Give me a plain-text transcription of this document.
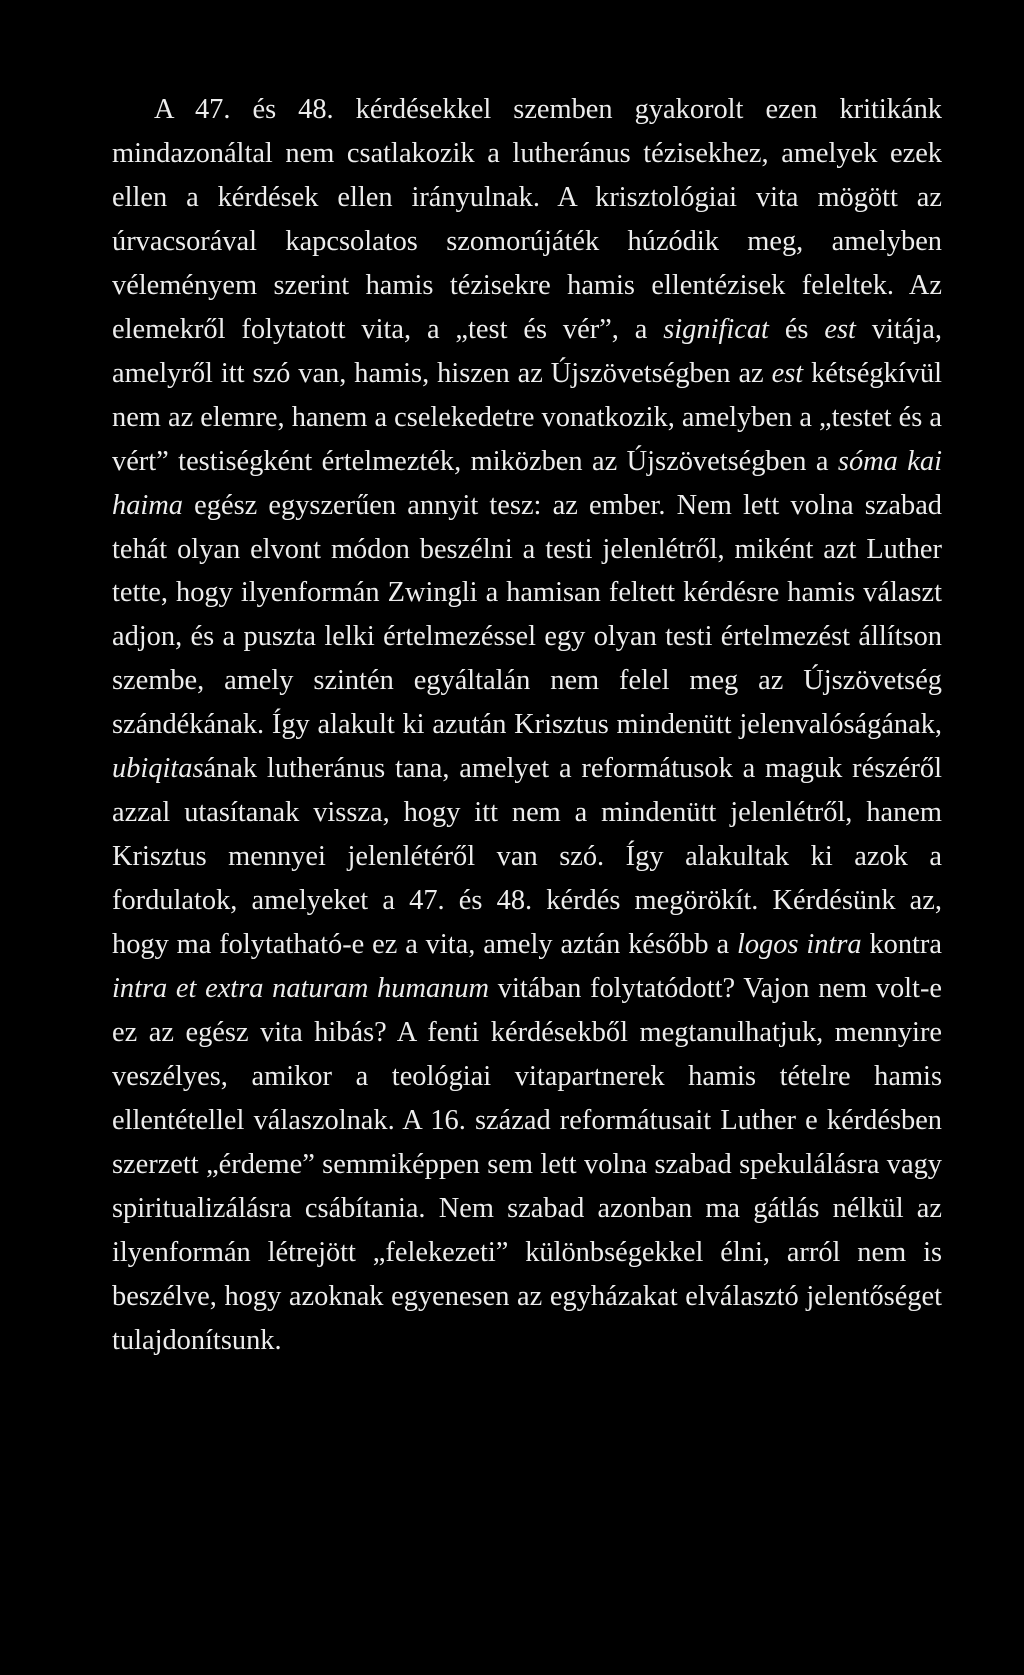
A 47. és 48. kérdésekkel szemben gyakorolt ezen kritikánk mindazonáltal nem csatlakozik a lutheránus tézisekhez, amelyek ezek ellen a kérdések ellen irányulnak. A krisztológiai vita mögött az úrvacsorával kapcsolatos szomorújáték húzódik meg, amelyben véleményem szerint hamis tézisekre hamis ellentézisek feleltek. Az elemekről folytatott vita, a „test és vér”, a significat és est vitája, amelyről itt szó van, hamis, hiszen az Újszövetségben az est kétségkívül nem az elemre, hanem a cselekedetre vonatkozik, amelyben a „testet és a vért” testiségként értelmezték, miközben az Újszövetségben a sóma kai haima egész egyszerűen annyit tesz: az ember. Nem lett volna szabad tehát olyan elvont módon beszélni a testi jelenlétről, miként azt Luther tette, hogy ilyenformán Zwingli a hamisan feltett kérdésre hamis választ adjon, és a puszta lelki értelmezéssel egy olyan testi értelmezést állítson szembe, amely szintén egyáltalán nem felel meg az Újszövetség szándékának. Így alakult ki azután Krisztus mindenütt jelenvalóságának, ubiqitasának lutheránus tana, amelyet a reformátusok a maguk részéről azzal utasítanak vissza, hogy itt nem a mindenütt jelenlétről, hanem Krisztus mennyei jelenlétéről van szó. Így alakultak ki azok a fordulatok, amelyeket a 47. és 48. kérdés megörökít. Kérdésünk az, hogy ma folytatható-e ez a vita, amely aztán később a logos intra kontra intra et extra naturam humanum vitában folytatódott? Vajon nem volt-e ez az egész vita hibás? A fenti kérdésekből megtanulhatjuk, mennyire veszélyes, amikor a teológiai vitapartnerek hamis tételre hamis ellentétellel válaszolnak. A 16. század reformátusait Luther e kérdésben szerzett „érdeme” semmiképpen sem lett volna szabad spekulálásra vagy spiritualizálásra csábítania. Nem szabad azonban ma gátlás nélkül az ilyenformán létrejött „felekezeti” különbségekkel élni, arról nem is beszélve, hogy azoknak egyenesen az egyházakat elválasztó jelentőséget tulajdonítsunk.
